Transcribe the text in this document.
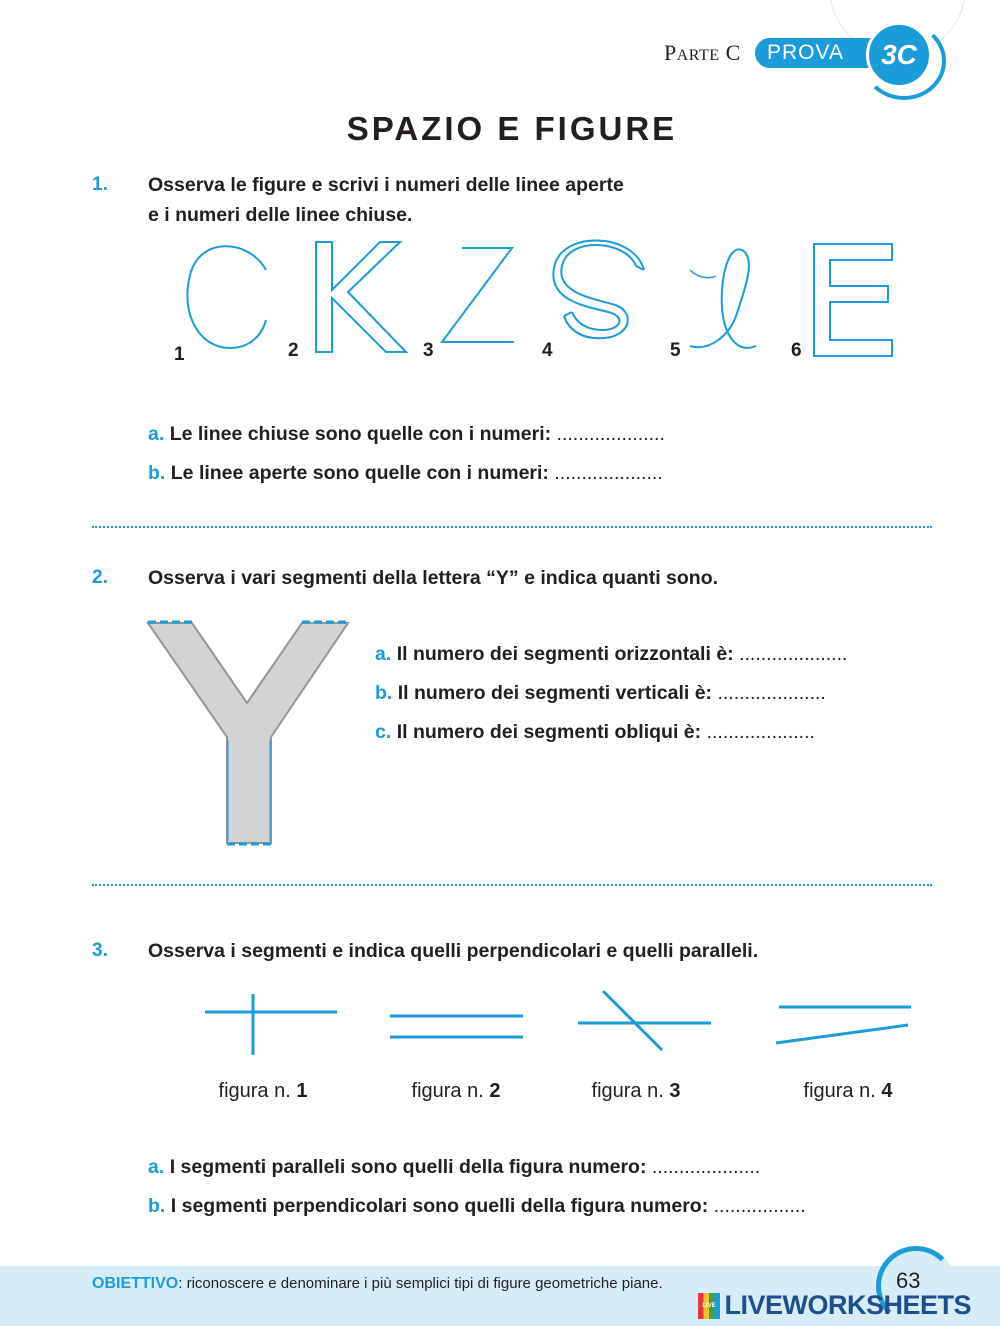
PARTE C PROVA	3C
SPAZIO E FIGURE
1. Osserva le figure e scrivi i numeri delle linee aperte
e i numeri delle linee chiuse.
1	2	3	4	5	6
a. Le linee chiuse sono quelle con i numeri: ....................
b. Le linee aperte sono quelle con i numeri: ....................
2. Osserva i vari segmenti della lettera “Y” e indica quanti sono.
a. Il numero dei segmenti orizzontali è: ....................
b. Il numero dei segmenti verticali è: ....................
c. Il numero dei segmenti obliqui è: ....................
3. Osserva i segmenti e indica quelli perpendicolari e quelli paralleli.
figura n. 1	figura n. 2	figura n. 3	figura n. 4
a. I segmenti paralleli sono quelli della figura numero: ....................
b. I segmenti perpendicolari sono quelli della figura numero: .................
OBIETTIVO: riconoscere e denominare i più semplici tipi di figure geometriche piane.	63
LIVE LIVEWORKSHEETS
